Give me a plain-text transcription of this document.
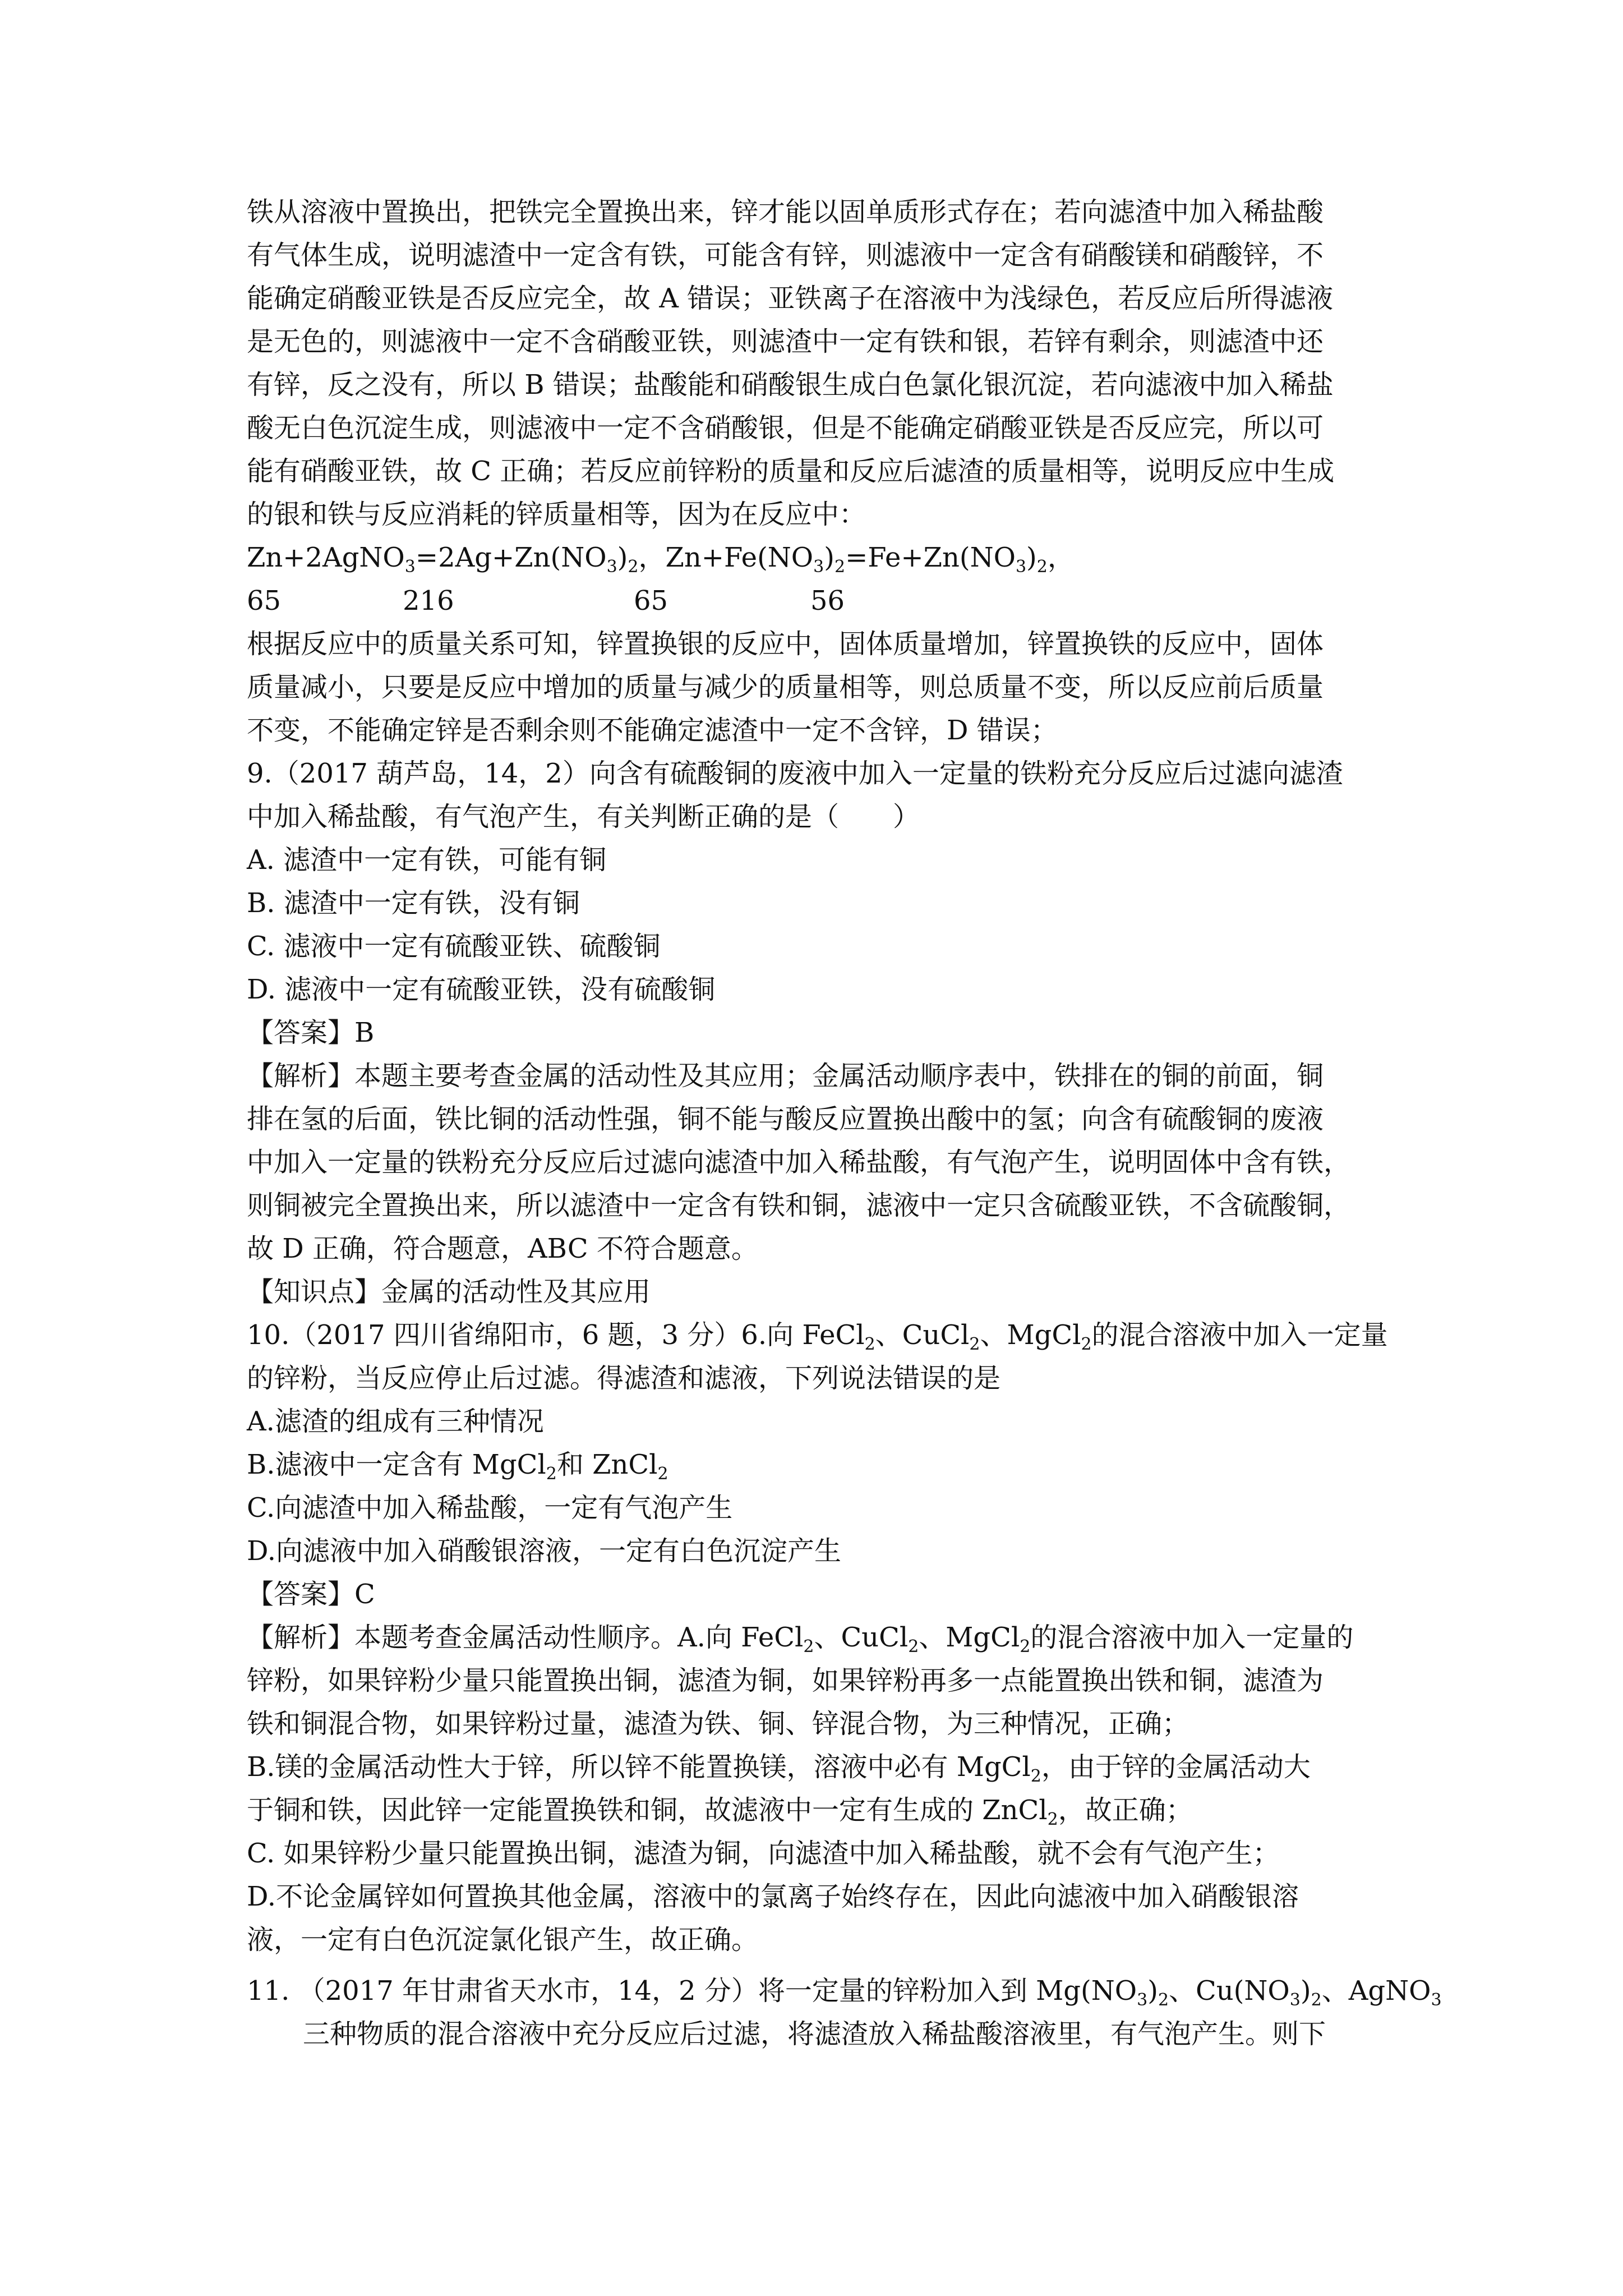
铁从溶液中置换出，把铁完全置换出来，锌才能以固单质形式存在；若向滤渣中加入稀盐酸
有气体生成，说明滤渣中一定含有铁，可能含有锌，则滤液中一定含有硝酸镁和硝酸锌，不
能确定硝酸亚铁是否反应完全，故 A 错误；亚铁离子在溶液中为浅绿色，若反应后所得滤液
是无色的，则滤液中一定不含硝酸亚铁，则滤渣中一定有铁和银，若锌有剩余，则滤渣中还
有锌，反之没有，所以 B 错误；盐酸能和硝酸银生成白色氯化银沉淀，若向滤液中加入稀盐
酸无白色沉淀生成，则滤液中一定不含硝酸银，但是不能确定硝酸亚铁是否反应完，所以可
能有硝酸亚铁，故 C 正确；若反应前锌粉的质量和反应后滤渣的质量相等，说明反应中生成
的银和铁与反应消耗的锌质量相等，因为在反应中：
$Zn+2AgNO_3=2Ag+Zn(NO_3)_2$，$Zn+Fe(NO_3)_2=Fe+Zn(NO_3)_2$，
65	216	65	56
根据反应中的质量关系可知，锌置换银的反应中，固体质量增加，锌置换铁的反应中，固体
质量减小，只要是反应中增加的质量与减少的质量相等，则总质量不变，所以反应前后质量
不变，不能确定锌是否剩余则不能确定滤渣中一定不含锌，D 错误；
9.（2017 葫芦岛，14，2）向含有硫酸铜的废液中加入一定量的铁粉充分反应后过滤向滤渣
中加入稀盐酸，有气泡产生，有关判断正确的是（　　）
A. 滤渣中一定有铁，可能有铜
B. 滤渣中一定有铁，没有铜
C. 滤液中一定有硫酸亚铁、硫酸铜
D. 滤液中一定有硫酸亚铁，没有硫酸铜
【答案】B
【解析】本题主要考查金属的活动性及其应用；金属活动顺序表中，铁排在的铜的前面，铜
排在氢的后面，铁比铜的活动性强，铜不能与酸反应置换出酸中的氢；向含有硫酸铜的废液
中加入一定量的铁粉充分反应后过滤向滤渣中加入稀盐酸，有气泡产生，说明固体中含有铁，
则铜被完全置换出来，所以滤渣中一定含有铁和铜，滤液中一定只含硫酸亚铁，不含硫酸铜，
故 D 正确，符合题意，ABC 不符合题意。
【知识点】金属的活动性及其应用
10.（2017 四川省绵阳市，6 题，3 分）6.向 FeCl$_2$、CuCl$_2$、MgCl$_2$的混合溶液中加入一定量
的锌粉，当反应停止后过滤。得滤渣和滤液，下列说法错误的是
A.滤渣的组成有三种情况
B.滤液中一定含有 MgCl$_2$和 ZnCl$_2$
C.向滤渣中加入稀盐酸，一定有气泡产生
D.向滤液中加入硝酸银溶液，一定有白色沉淀产生
【答案】C
【解析】本题考查金属活动性顺序。A.向 FeCl$_2$、CuCl$_2$、MgCl$_2$的混合溶液中加入一定量的
锌粉，如果锌粉少量只能置换出铜，滤渣为铜，如果锌粉再多一点能置换出铁和铜，滤渣为
铁和铜混合物，如果锌粉过量，滤渣为铁、铜、锌混合物，为三种情况，正确；
B.镁的金属活动性大于锌，所以锌不能置换镁，溶液中必有 MgCl$_2$，由于锌的金属活动大
于铜和铁，因此锌一定能置换铁和铜，故滤液中一定有生成的 ZnCl$_2$，故正确；
C. 如果锌粉少量只能置换出铜，滤渣为铜，向滤渣中加入稀盐酸，就不会有气泡产生；
D.不论金属锌如何置换其他金属，溶液中的氯离子始终存在，因此向滤液中加入硝酸银溶
液，一定有白色沉淀氯化银产生，故正确。
11. （2017 年甘肃省天水市，14，2 分）将一定量的锌粉加入到 $Mg(NO_3)_2$、$Cu(NO_3)_2$、AgNO$_3$
三种物质的混合溶液中充分反应后过滤，将滤渣放入稀盐酸溶液里，有气泡产生。则下
